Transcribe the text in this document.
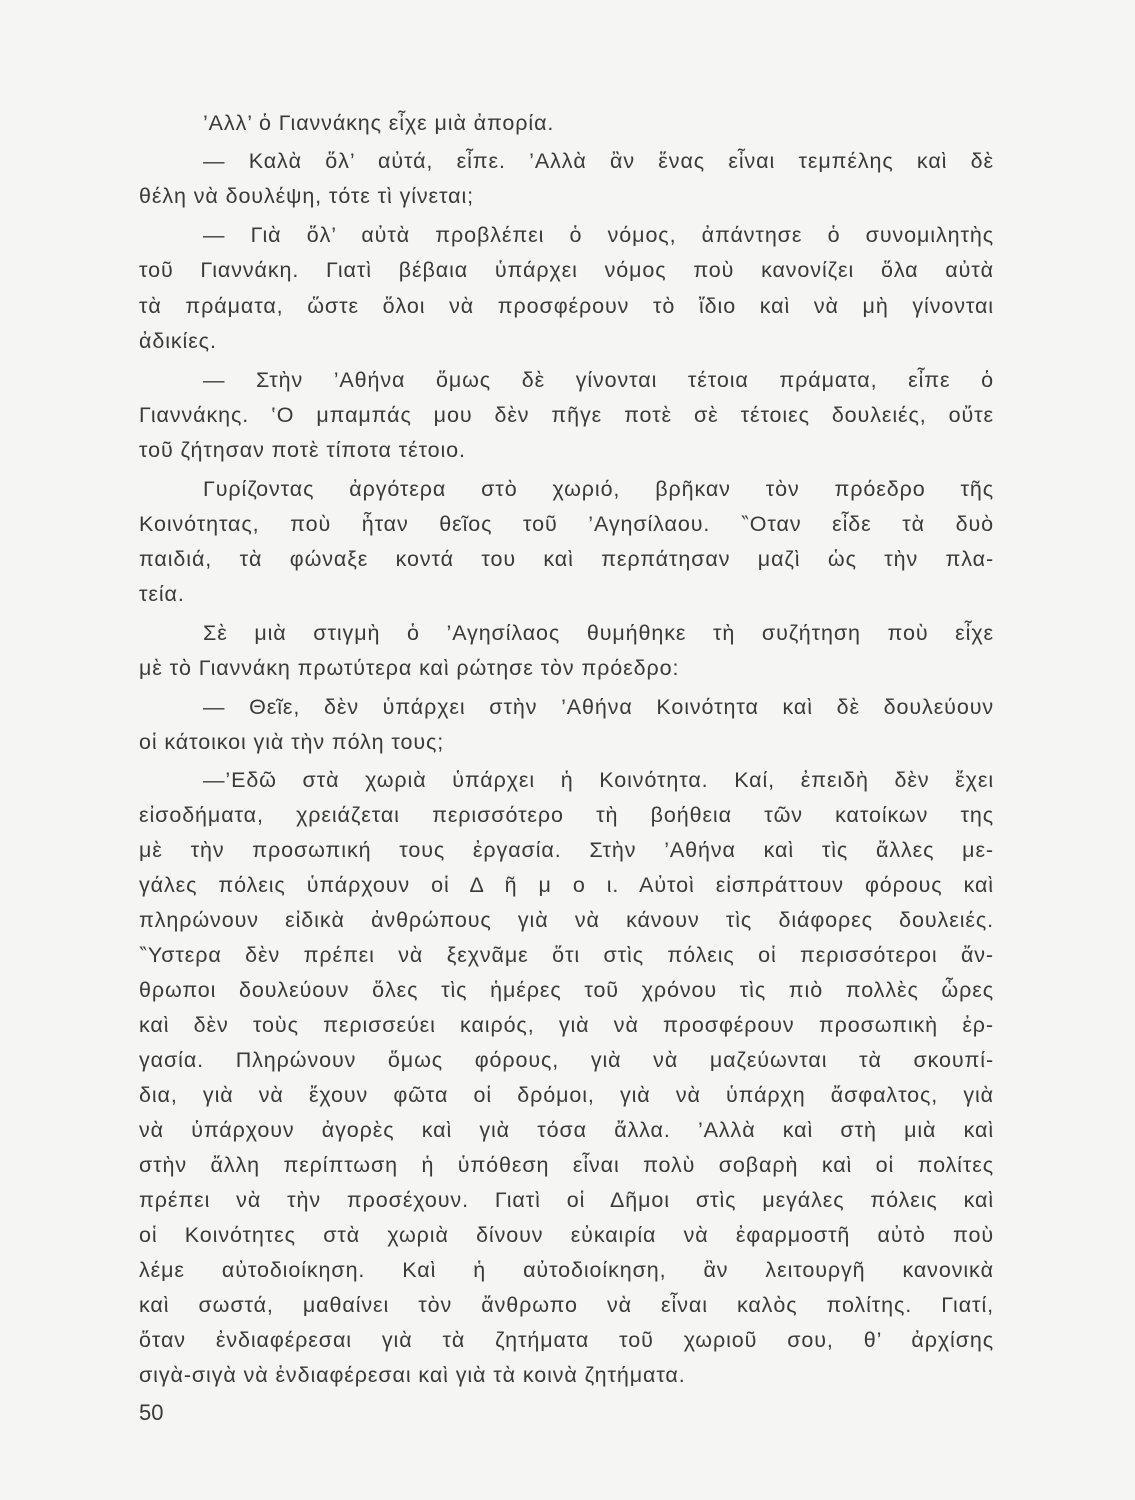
’Αλλ’ ὁ Γιαννάκης εἶχε μιὰ ἀπορία.
— Καλὰ ὅλ’ αὐτά, εἶπε. ’Αλλὰ ἂν ἕνας εἶναι τεμπέλης καὶ δὲ
θέλη νὰ δουλέψη, τότε τὶ γίνεται;
— Γιὰ ὅλ’ αὐτὰ προβλέπει ὁ νόμος, ἀπάντησε ὁ συνομιλητὴς
τοῦ Γιαννάκη. Γιατὶ βέβαια ὑπάρχει νόμος ποὺ κανονίζει ὅλα αὐτὰ
τὰ πράματα, ὥστε ὅλοι νὰ προσφέρουν τὸ ἴδιο καὶ νὰ μὴ γίνονται
ἀδικίες.
— Στὴν ’Αθήνα ὅμως δὲ γίνονται τέτοια πράματα, εἶπε ὁ
Γιαννάκης. ‛Ο μπαμπάς μου δὲν πῆγε ποτὲ σὲ τέτοιες δουλειές, οὔτε
τοῦ ζήτησαν ποτὲ τίποτα τέτοιο.
Γυρίζοντας ἀργότερα στὸ χωριό, βρῆκαν τὸν πρόεδρο τῆς
Κοινότητας, ποὺ ἦταν θεῖος τοῦ ’Αγησίλαου. ‶Οταν εἶδε τὰ δυὸ
παιδιά, τὰ φώναξε κοντά του καὶ περπάτησαν μαζὶ ὡς τὴν πλα-
τεία.
Σὲ μιὰ στιγμὴ ὁ ’Αγησίλαος θυμήθηκε τὴ συζήτηση ποὺ εἶχε
μὲ τὸ Γιαννάκη πρωτύτερα καὶ ρώτησε τὸν πρόεδρο:
— Θεῖε, δὲν ὑπάρχει στὴν ’Αθήνα Κοινότητα καὶ δὲ δουλεύουν
οἱ κάτοικοι γιὰ τὴν πόλη τους;
—’Εδῶ στὰ χωριὰ ὑπάρχει ἡ Κοινότητα. Καί, ἐπειδὴ δὲν ἔχει
εἰσοδήματα, χρειάζεται περισσότερο τὴ βοήθεια τῶν κατοίκων της
μὲ τὴν προσωπική τους ἐργασία. Στὴν ’Αθήνα καὶ τὶς ἄλλες με-
γάλες πόλεις ὑπάρχουν οἱ Δ ῆ μ ο ι. Αὐτοὶ εἰσπράττουν φόρους καὶ
πληρώνουν εἰδικὰ ἀνθρώπους γιὰ νὰ κάνουν τὶς διάφορες δουλειές.
‶Υστερα δὲν πρέπει νὰ ξεχνᾶμε ὅτι στὶς πόλεις οἱ περισσότεροι ἄν-
θρωποι δουλεύουν ὅλες τὶς ἡμέρες τοῦ χρόνου τὶς πιὸ πολλὲς ὧρες
καὶ δὲν τοὺς περισσεύει καιρός, γιὰ νὰ προσφέρουν προσωπικὴ ἐρ-
γασία. Πληρώνουν ὅμως φόρους, γιὰ νὰ μαζεύωνται τὰ σκουπί-
δια, γιὰ νὰ ἔχουν φῶτα οἱ δρόμοι, γιὰ νὰ ὑπάρχη ἄσφαλτος, γιὰ
νὰ ὑπάρχουν ἀγορὲς καὶ γιὰ τόσα ἄλλα. ’Αλλὰ καὶ στὴ μιὰ καὶ
στὴν ἄλλη περίπτωση ἡ ὑπόθεση εἶναι πολὺ σοβαρὴ καὶ οἱ πολίτες
πρέπει νὰ τὴν προσέχουν. Γιατὶ οἱ Δῆμοι στὶς μεγάλες πόλεις καὶ
οἱ Κοινότητες στὰ χωριὰ δίνουν εὐκαιρία νὰ ἐφαρμοστῆ αὐτὸ ποὺ
λέμε αὐτοδιοίκηση. Καὶ ἡ αὐτοδιοίκηση, ἂν λειτουργῆ κανονικὰ
καὶ σωστά, μαθαίνει τὸν ἄνθρωπο νὰ εἶναι καλὸς πολίτης. Γιατί,
ὅταν ἐνδιαφέρεσαι γιὰ τὰ ζητήματα τοῦ χωριοῦ σου, θ’ ἀρχίσης
σιγὰ-σιγὰ νὰ ἐνδιαφέρεσαι καὶ γιὰ τὰ κοινὰ ζητήματα.
50
